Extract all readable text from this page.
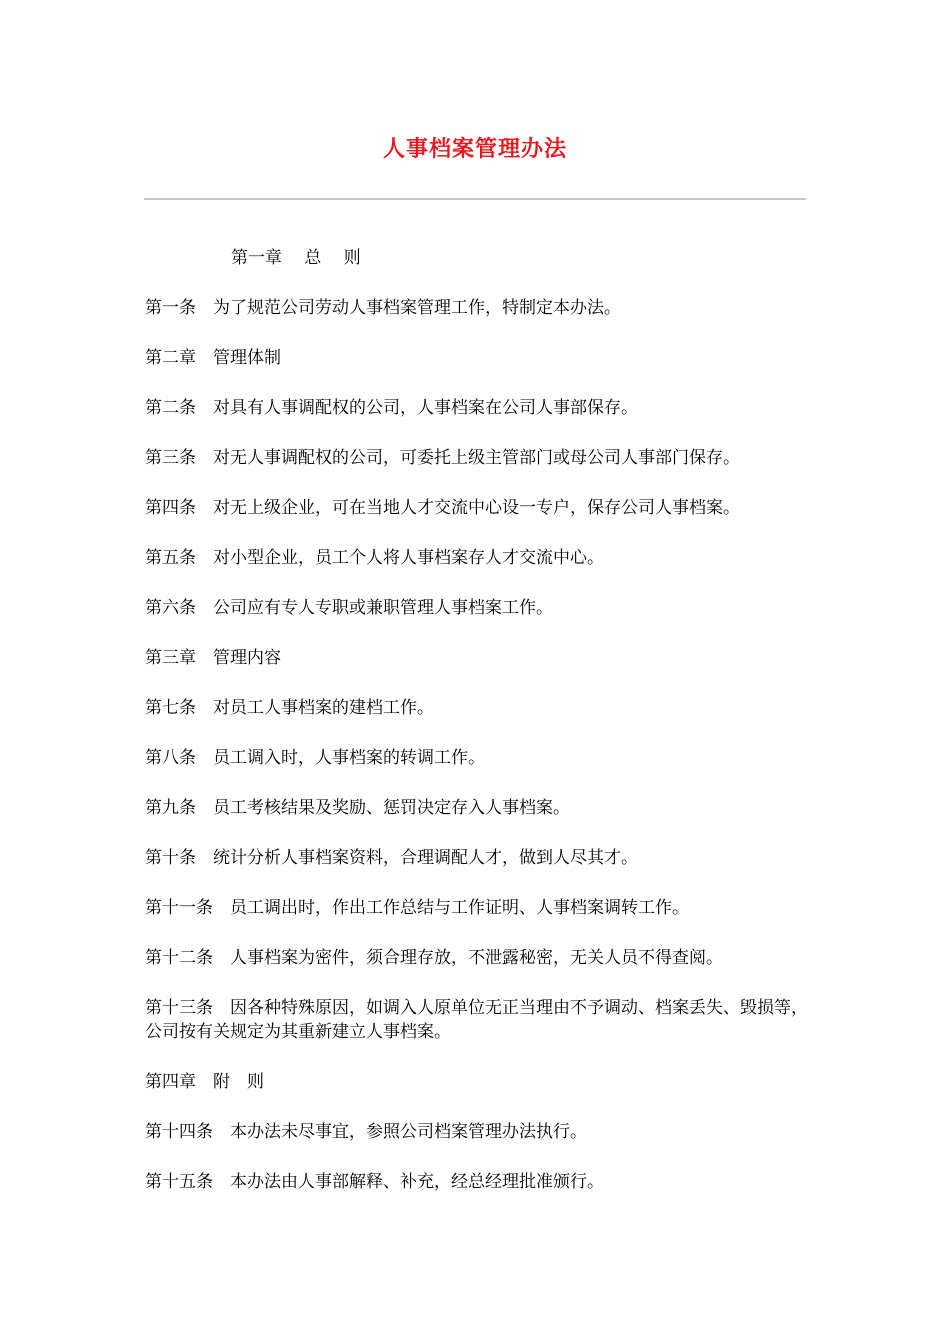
人事档案管理办法

第一章　 总　 则

第一条　为了规范公司劳动人事档案管理工作，特制定本办法。

第二章　管理体制

第二条　对具有人事调配权的公司，人事档案在公司人事部保存。

第三条　对无人事调配权的公司，可委托上级主管部门或母公司人事部门保存。

第四条　对无上级企业，可在当地人才交流中心设一专户，保存公司人事档案。

第五条　对小型企业，员工个人将人事档案存人才交流中心。

第六条　公司应有专人专职或兼职管理人事档案工作。

第三章　管理内容

第七条　对员工人事档案的建档工作。

第八条　员工调入时，人事档案的转调工作。

第九条　员工考核结果及奖励、惩罚决定存入人事档案。

第十条　统计分析人事档案资料，合理调配人才，做到人尽其才。

第十一条　员工调出时，作出工作总结与工作证明、人事档案调转工作。

第十二条　人事档案为密件，须合理存放，不泄露秘密，无关人员不得查阅。

第十三条　因各种特殊原因，如调入人原单位无正当理由不予调动、档案丢失、毁损等，公司按有关规定为其重新建立人事档案。

第四章　附　则

第十四条　本办法未尽事宜，参照公司档案管理办法执行。

第十五条　本办法由人事部解释、补充，经总经理批准颁行。
